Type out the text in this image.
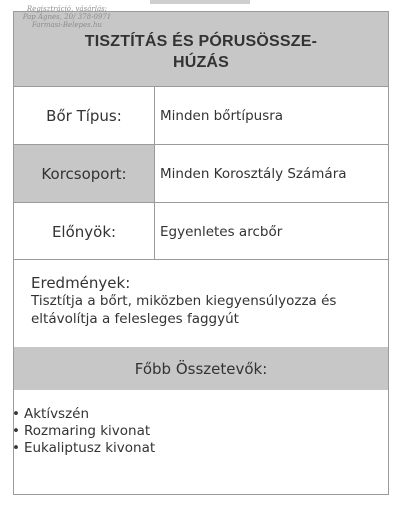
Regisztráció, vásárlás:
Pap Ágnes, 20/ 378-0971
Farmasi-Belepes.hu
TISZTÍTÁS ÉS PÓRUSÖSSZE-HÚZÁS
Bőr Típus:	Minden bőrtípusra
Korcsoport:	Minden Korosztály Számára
Előnyök:	Egyenletes arcbőr
Eredmények:
Tisztítja a bőrt, miközben kiegyensúlyozza és eltávolítja a felesleges faggyút
Főbb Összetevők:
• Aktívszén
• Rozmaring kivonat
• Eukaliptusz kivonat
